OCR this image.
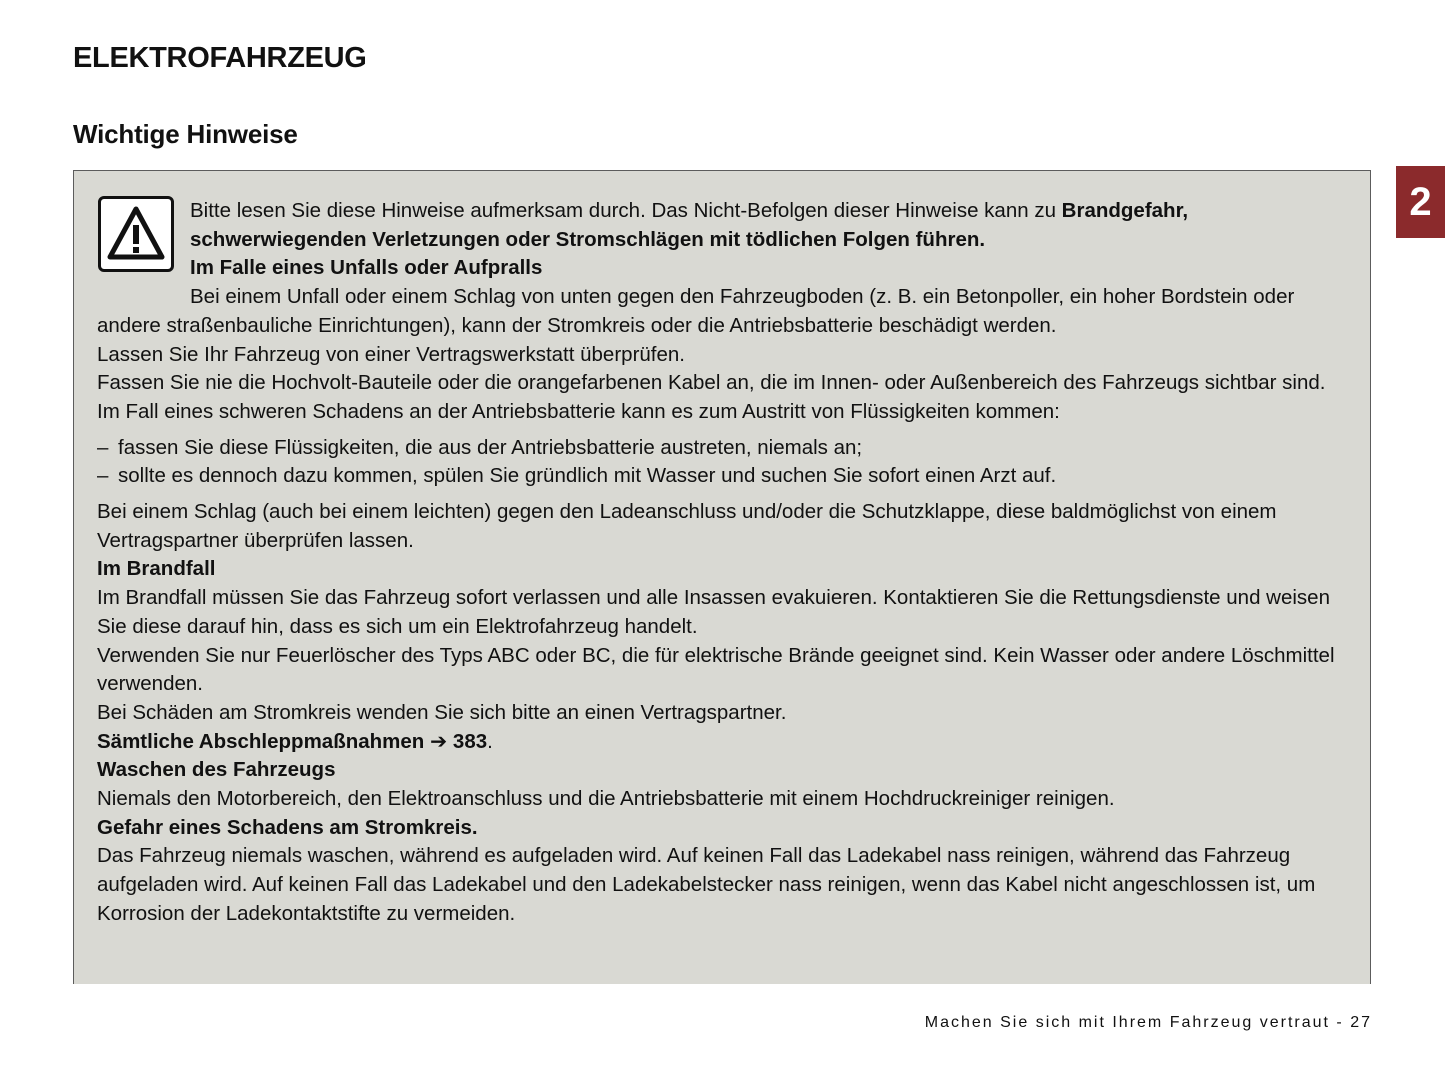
ELEKTROFAHRZEUG
Wichtige Hinweise
2

Bitte lesen Sie diese Hinweise aufmerksam durch. Das Nicht-Befolgen dieser Hinweise kann zu Brandgefahr, schwerwiegenden Verletzungen oder Stromschlägen mit tödlichen Folgen führen.

Im Falle eines Unfalls oder Aufpralls

Bei einem Unfall oder einem Schlag von unten gegen den Fahrzeugboden (z. B. ein Betonpoller, ein hoher Bordstein oder andere straßenbauliche Einrichtungen), kann der Stromkreis oder die Antriebsbatterie beschädigt werden.

Lassen Sie Ihr Fahrzeug von einer Vertragswerkstatt überprüfen.

Fassen Sie nie die Hochvolt-Bauteile oder die orangefarbenen Kabel an, die im Innen- oder Außenbereich des Fahrzeugs sichtbar sind.

Im Fall eines schweren Schadens an der Antriebsbatterie kann es zum Austritt von Flüssigkeiten kommen:

– fassen Sie diese Flüssigkeiten, die aus der Antriebsbatterie austreten, niemals an;
– sollte es dennoch dazu kommen, spülen Sie gründlich mit Wasser und suchen Sie sofort einen Arzt auf.

Bei einem Schlag (auch bei einem leichten) gegen den Ladeanschluss und/oder die Schutzklappe, diese baldmöglichst von einem Vertragspartner überprüfen lassen.

Im Brandfall

Im Brandfall müssen Sie das Fahrzeug sofort verlassen und alle Insassen evakuieren. Kontaktieren Sie die Rettungsdienste und weisen Sie diese darauf hin, dass es sich um ein Elektrofahrzeug handelt.

Verwenden Sie nur Feuerlöscher des Typs ABC oder BC, die für elektrische Brände geeignet sind. Kein Wasser oder andere Löschmittel verwenden.

Bei Schäden am Stromkreis wenden Sie sich bitte an einen Vertragspartner.

Sämtliche Abschleppmaßnahmen ➔ 383.

Waschen des Fahrzeugs

Niemals den Motorbereich, den Elektroanschluss und die Antriebsbatterie mit einem Hochdruckreiniger reinigen.

Gefahr eines Schadens am Stromkreis.

Das Fahrzeug niemals waschen, während es aufgeladen wird. Auf keinen Fall das Ladekabel nass reinigen, während das Fahrzeug aufgeladen wird. Auf keinen Fall das Ladekabel und den Ladekabelstecker nass reinigen, wenn das Kabel nicht angeschlossen ist, um Korrosion der Ladekontaktstifte zu vermeiden.

Machen Sie sich mit Ihrem Fahrzeug vertraut - 27
